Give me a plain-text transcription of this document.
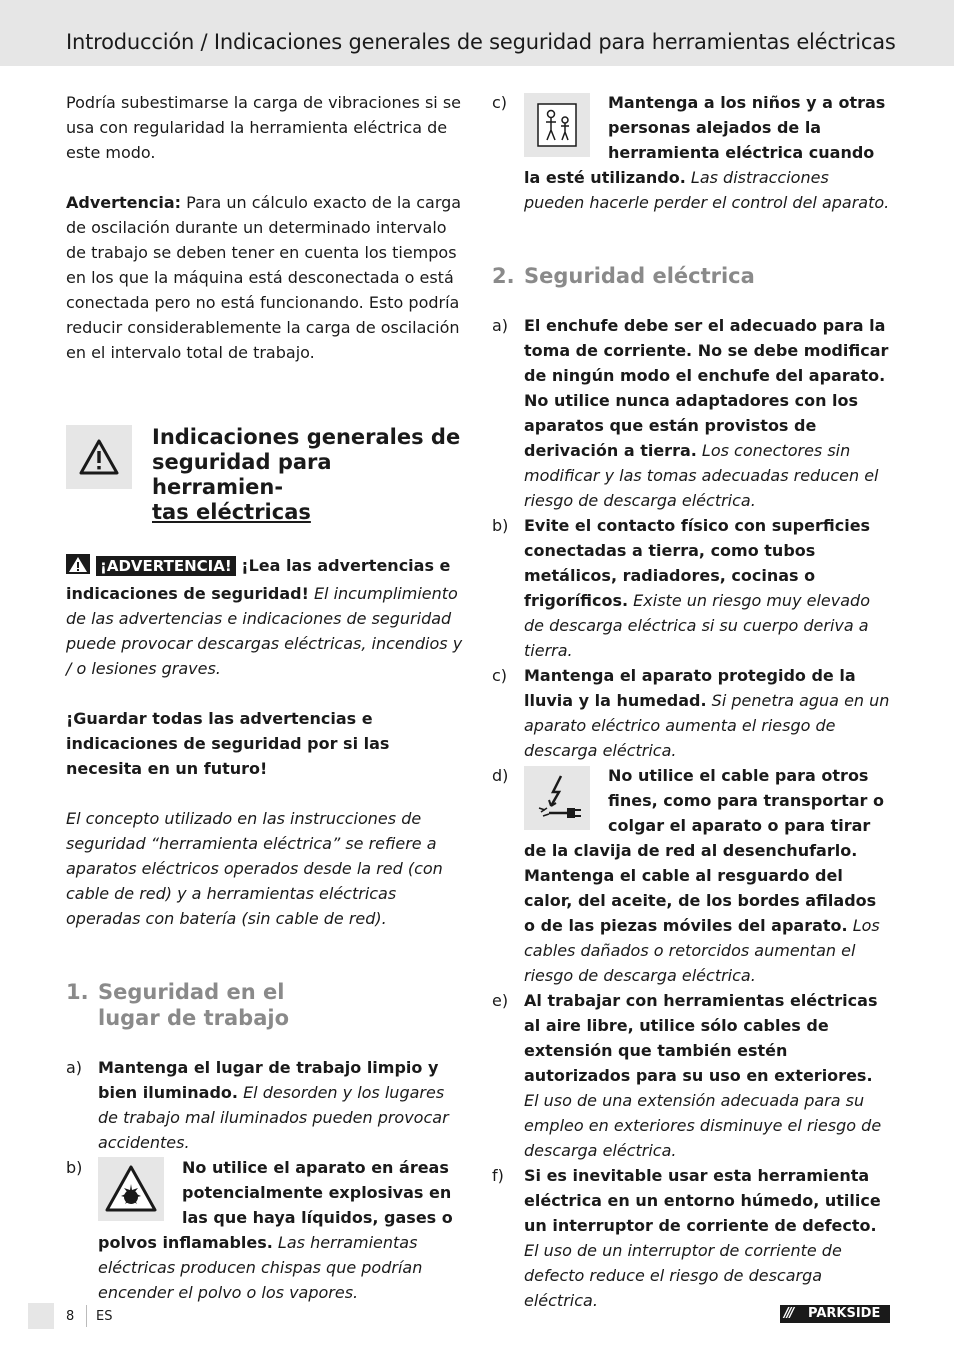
Introducción / Indicaciones generales de seguridad para herramientas eléctricas

Podría subestimarse la carga de vibraciones si se usa con regularidad la herramienta eléctrica de este modo.

Advertencia: Para un cálculo exacto de la carga de oscilación durante un determinado intervalo de trabajo se deben tener en cuenta los tiempos en los que la máquina está desconectada o está conectada pero no está funcionando. Esto podría reducir considerablemente la carga de oscilación en el intervalo total de trabajo.

Indicaciones generales de
seguridad para herramien-
tas eléctricas

¡ADVERTENCIA! ¡Lea las advertencias e indicaciones de seguridad! El incumplimiento de las advertencias e indicaciones de seguridad puede provocar descargas eléctricas, incendios y / o lesiones graves.

¡Guardar todas las advertencias e indicaciones de seguridad por si las necesita en un futuro!

El concepto utilizado en las instrucciones de seguridad “herramienta eléctrica” se refiere a aparatos eléctricos operados desde la red (con cable de red) y a herramientas eléctricas operadas con batería (sin cable de red).

1. Seguridad en el lugar de trabajo
a) Mantenga el lugar de trabajo limpio y bien iluminado. El desorden y los lugares de trabajo mal iluminados pueden provocar accidentes.

b)	No utilice el aparato en áreas potencialmente explosivas en las que haya líquidos, gases o polvos inflamables. Las herramientas eléctricas producen chispas que podrían encender el polvo o los vapores.

c)	Mantenga a los niños y a otras personas alejados de la herramienta eléctrica cuando la esté utilizando. Las distracciones pueden hacerle perder el control del aparato.

2. Seguridad eléctrica
a) El enchufe debe ser el adecuado para la toma de corriente. No se debe modificar de ningún modo el enchufe del aparato. No utilice nunca adaptadores con los aparatos que están provistos de derivación a tierra. Los conectores sin modificar y las tomas adecuadas reducen el riesgo de descarga eléctrica.

b) Evite el contacto físico con superficies conectadas a tierra, como tubos metálicos, radiadores, cocinas o frigoríficos. Existe un riesgo muy elevado de descarga eléctrica si su cuerpo deriva a tierra.

c)	Mantenga el aparato protegido de la lluvia y la humedad. Si penetra agua en un aparato eléctrico aumenta el riesgo de descarga eléctrica.

d)	No utilice el cable para otros fines, como para transportar o colgar el aparato o para tirar de la clavija de red al desenchufarlo. Mantenga el cable al resguardo del calor, del aceite, de los bordes afilados o de las piezas móviles del aparato. Los cables dañados o retorcidos aumentan el riesgo de descarga eléctrica.

e) Al trabajar con herramientas eléctricas al aire libre, utilice sólo cables de extensión que también estén autorizados para su uso en exteriores. El uso de una extensión adecuada para su empleo en exteriores disminuye el riesgo de descarga eléctrica.

f)	Si es inevitable usar esta herramienta eléctrica en un entorno húmedo, utilice un interruptor de corriente de defecto. El uso de un interruptor de corriente de defecto reduce el riesgo de descarga eléctrica.

8 ES	/// PARKSIDE
